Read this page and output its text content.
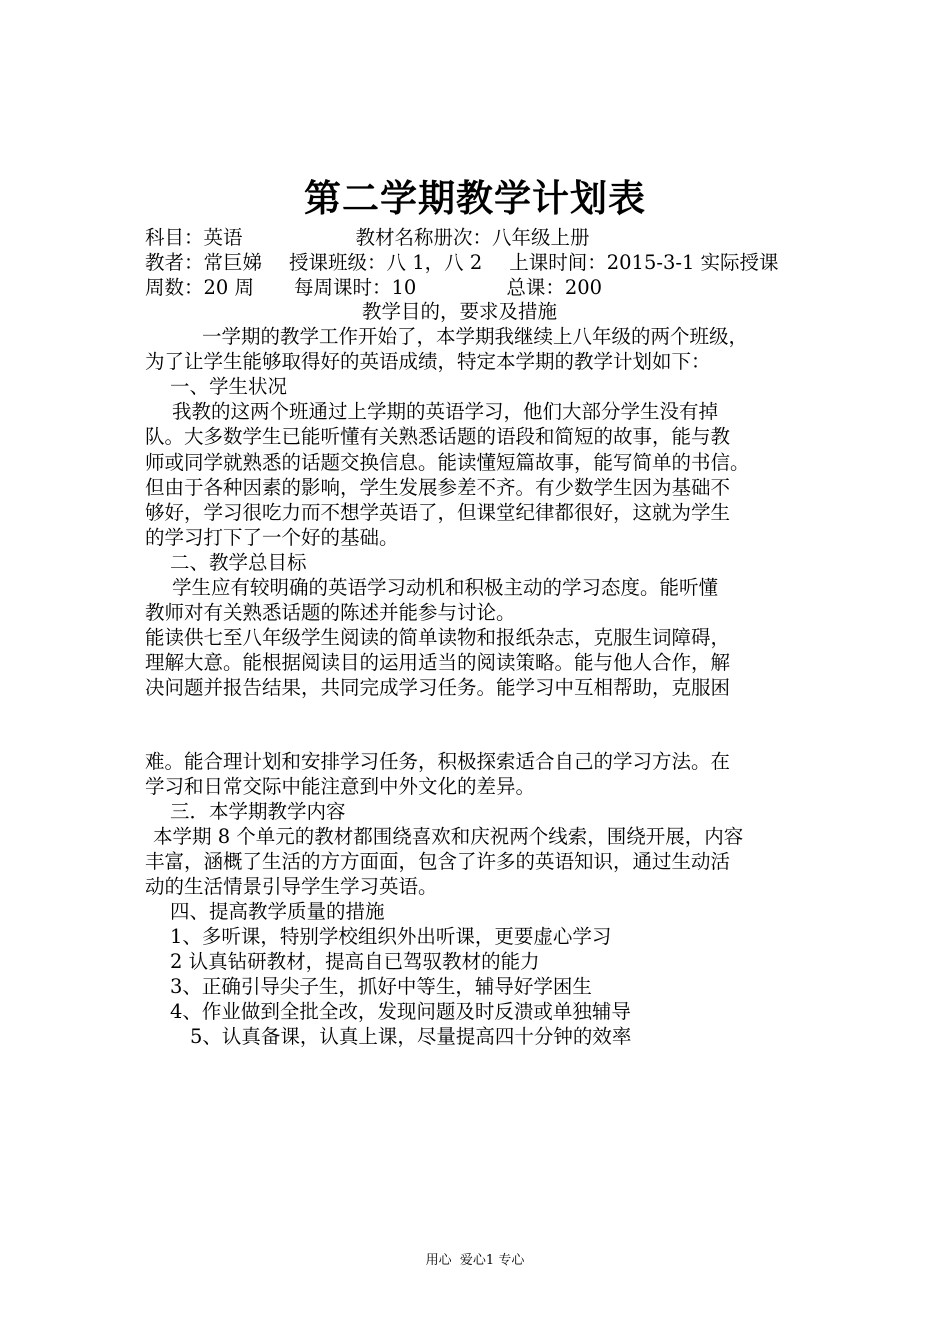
第二学期教学计划表
科目：英语	教材名称册次：八年级上册
教者：常巨娣 授课班级：八 1，八 2 上课时间：2015-3-1 实际授课
周数：20 周 每周课时：10	总课：200
教学目的，要求及措施
一学期的教学工作开始了，本学期我继续上八年级的两个班级，
为了让学生能够取得好的英语成绩，特定本学期的教学计划如下：
一、学生状况
我教的这两个班通过上学期的英语学习，他们大部分学生没有掉
队。大多数学生已能听懂有关熟悉话题的语段和简短的故事，能与教
师或同学就熟悉的话题交换信息。能读懂短篇故事，能写简单的书信。
但由于各种因素的影响，学生发展参差不齐。有少数学生因为基础不
够好，学习很吃力而不想学英语了，但课堂纪律都很好，这就为学生
的学习打下了一个好的基础。
二、教学总目标
学生应有较明确的英语学习动机和积极主动的学习态度。能听懂
教师对有关熟悉话题的陈述并能参与讨论。
能读供七至八年级学生阅读的简单读物和报纸杂志，克服生词障碍，
理解大意。能根据阅读目的运用适当的阅读策略。能与他人合作，解
决问题并报告结果，共同完成学习任务。能学习中互相帮助，克服困
难。能合理计划和安排学习任务，积极探索适合自己的学习方法。在
学习和日常交际中能注意到中外文化的差异。
三．本学期教学内容
本学期 8 个单元的教材都围绕喜欢和庆祝两个线索，围绕开展，内容
丰富，涵概了生活的方方面面，包含了许多的英语知识，通过生动活
动的生活情景引导学生学习英语。
四、提高教学质量的措施
1、多听课，特别学校组织外出听课，更要虚心学习
2 认真钻研教材，提高自已驾驭教材的能力
3、正确引导尖子生，抓好中等生，辅导好学困生
4、作业做到全批全改，发现问题及时反溃或单独辅导
5、认真备课，认真上课，尽量提高四十分钟的效率
用心  爱心1 专心
